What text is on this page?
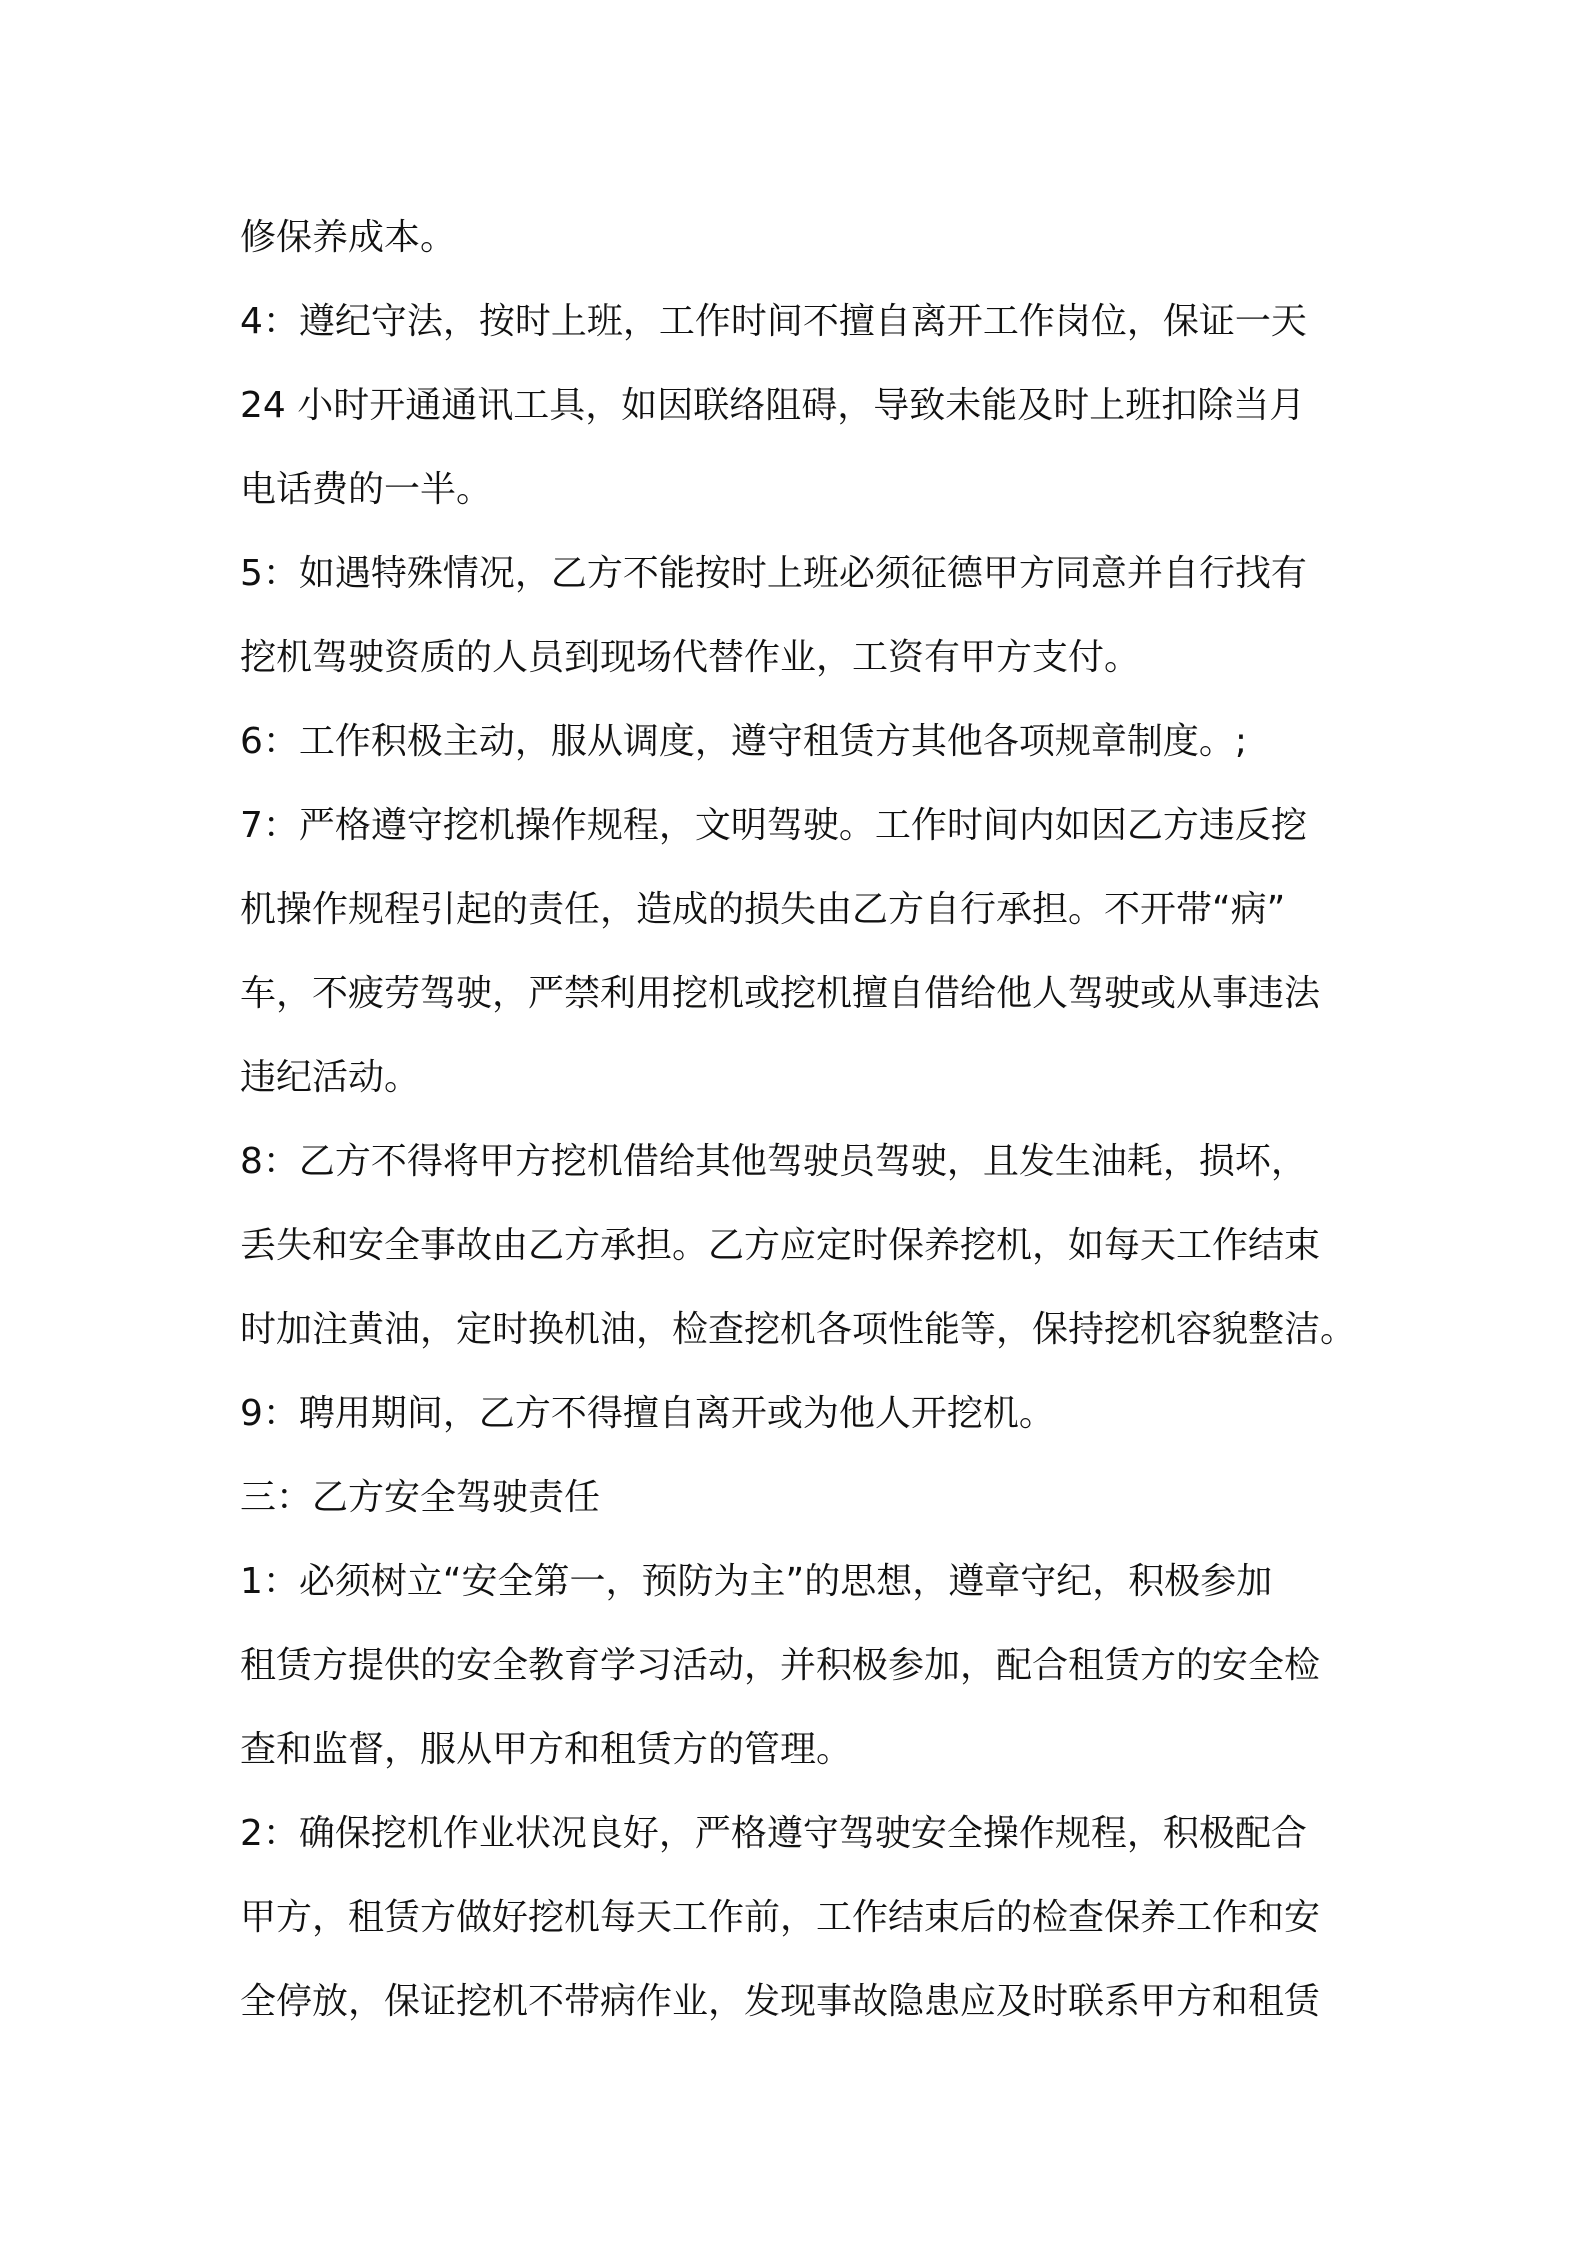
修保养成本。
4：遵纪守法，按时上班，工作时间不擅自离开工作岗位，保证一天
24 小时开通通讯工具，如因联络阻碍，导致未能及时上班扣除当月
电话费的一半。
5：如遇特殊情况，乙方不能按时上班必须征德甲方同意并自行找有
挖机驾驶资质的人员到现场代替作业，工资有甲方支付。
6：工作积极主动，服从调度，遵守租赁方其他各项规章制度。;
7：严格遵守挖机操作规程，文明驾驶。工作时间内如因乙方违反挖
机操作规程引起的责任，造成的损失由乙方自行承担。不开带“病”
车，不疲劳驾驶，严禁利用挖机或挖机擅自借给他人驾驶或从事违法
违纪活动。
8：乙方不得将甲方挖机借给其他驾驶员驾驶，且发生油耗，损坏，
丢失和安全事故由乙方承担。乙方应定时保养挖机，如每天工作结束
时加注黄油，定时换机油，检查挖机各项性能等，保持挖机容貌整洁。
9：聘用期间，乙方不得擅自离开或为他人开挖机。
三：乙方安全驾驶责任
1：必须树立“安全第一，预防为主”的思想，遵章守纪，积极参加
租赁方提供的安全教育学习活动，并积极参加，配合租赁方的安全检
查和监督，服从甲方和租赁方的管理。
2：确保挖机作业状况良好，严格遵守驾驶安全操作规程，积极配合
甲方，租赁方做好挖机每天工作前，工作结束后的检查保养工作和安
全停放，保证挖机不带病作业，发现事故隐患应及时联系甲方和租赁
